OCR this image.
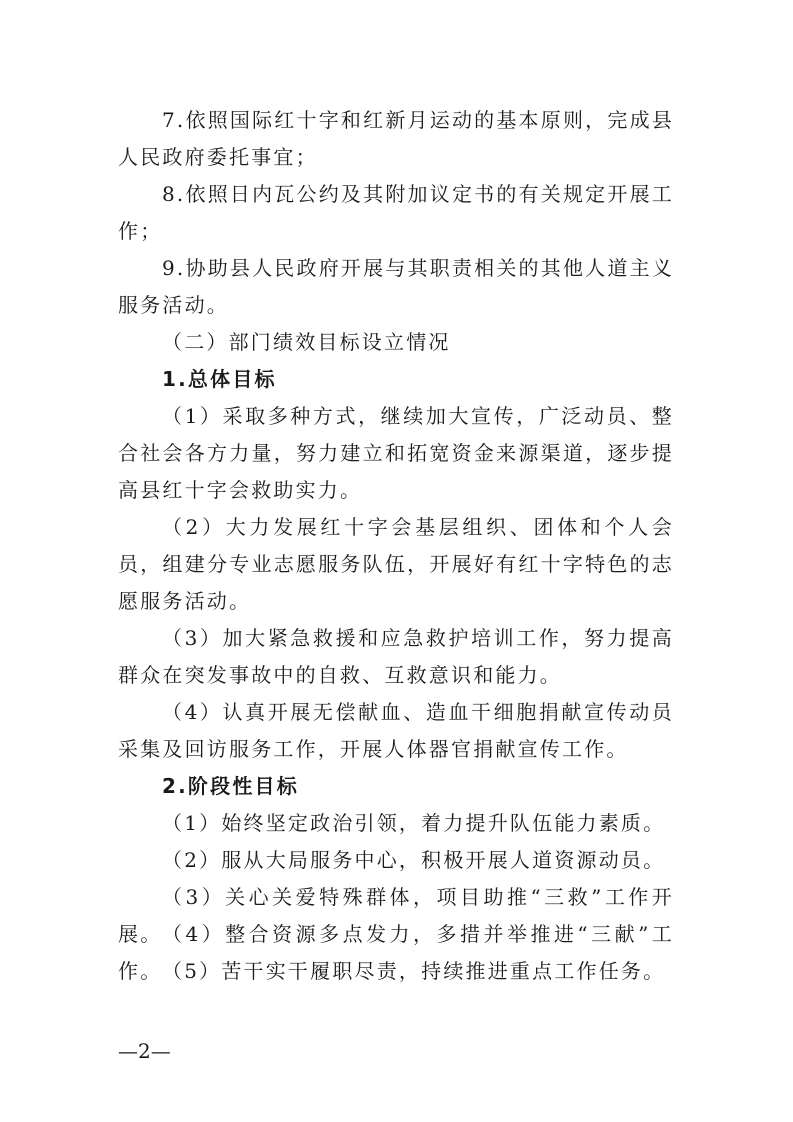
7.依照国际红十字和红新月运动的基本原则，完成县人民政府委托事宜；

8.依照日内瓦公约及其附加议定书的有关规定开展工作；

9.协助县人民政府开展与其职责相关的其他人道主义服务活动。

（二）部门绩效目标设立情况

1.总体目标

（1）采取多种方式，继续加大宣传，广泛动员、整合社会各方力量，努力建立和拓宽资金来源渠道，逐步提高县红十字会救助实力。

（2）大力发展红十字会基层组织、团体和个人会员，组建分专业志愿服务队伍，开展好有红十字特色的志愿服务活动。

（3）加大紧急救援和应急救护培训工作，努力提高群众在突发事故中的自救、互救意识和能力。

（4）认真开展无偿献血、造血干细胞捐献宣传动员采集及回访服务工作，开展人体器官捐献宣传工作。

2.阶段性目标

（1）始终坚定政治引领，着力提升队伍能力素质。

（2）服从大局服务中心，积极开展人道资源动员。

（3）关心关爱特殊群体，项目助推“三救”工作开展。 （4）整合资源多点发力，多措并举推进“三献”工作。 （5）苦干实干履职尽责，持续推进重点工作任务。

—2—
